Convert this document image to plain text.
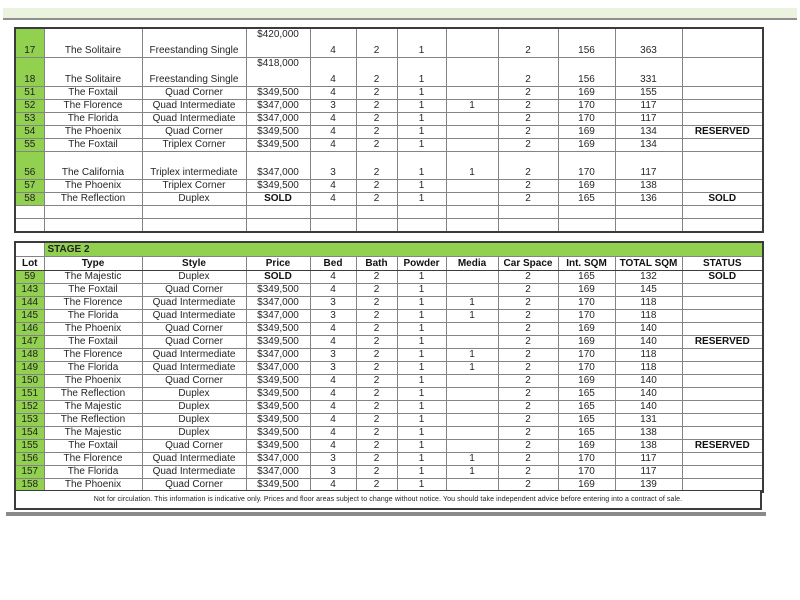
17	The Solitaire	Freestanding Single	$420,000	4	2	1		2	156	363	
18	The Solitaire	Freestanding Single	$418,000	4	2	1		2	156	331	
51	The Foxtail	Quad Corner	$349,500	4	2	1		2	169	155	
52	The Florence	Quad Intermediate	$347,000	3	2	1	1	2	170	117	
53	The Florida	Quad Intermediate	$347,000	4	2	1		2	170	117	
54	The Phoenix	Quad Corner	$349,500	4	2	1		2	169	134	RESERVED
55	The Foxtail	Triplex Corner	$349,500	4	2	1		2	169	134	
56	The California	Triplex intermediate	$347,000	3	2	1	1	2	170	117	
57	The Phoenix	Triplex Corner	$349,500	4	2	1		2	169	138	
58	The Reflection	Duplex	SOLD	4	2	1		2	165	136	SOLD

	STAGE 2										
Lot	Type	Style	Price	Bed	Bath	Powder	Media	Car Space	Int. SQM	TOTAL SQM	STATUS
59	The Majestic	Duplex	SOLD	4	2	1		2	165	132	SOLD
143	The Foxtail	Quad Corner	$349,500	4	2	1		2	169	145	
144	The Florence	Quad Intermediate	$347,000	3	2	1	1	2	170	118	
145	The Florida	Quad Intermediate	$347,000	3	2	1	1	2	170	118	
146	The Phoenix	Quad Corner	$349,500	4	2	1		2	169	140	
147	The Foxtail	Quad Corner	$349,500	4	2	1		2	169	140	RESERVED
148	The Florence	Quad Intermediate	$347,000	3	2	1	1	2	170	118	
149	The Florida	Quad Intermediate	$347,000	3	2	1	1	2	170	118	
150	The Phoenix	Quad Corner	$349,500	4	2	1		2	169	140	
151	The Reflection	Duplex	$349,500	4	2	1		2	165	140	
152	The Majestic	Duplex	$349,500	4	2	1		2	165	140	
153	The Reflection	Duplex	$349,500	4	2	1		2	165	131	
154	The Majestic	Duplex	$349,500	4	2	1		2	165	138	
155	The Foxtail	Quad Corner	$349,500	4	2	1		2	169	138	RESERVED
156	The Florence	Quad Intermediate	$347,000	3	2	1	1	2	170	117	
157	The Florida	Quad Intermediate	$347,000	3	2	1	1	2	170	117	
158	The Phoenix	Quad Corner	$349,500	4	2	1		2	169	139	
Not for circulation. This information is indicative only. Prices and floor areas subject to change without notice. You should take independent advice before entering into a contract of sale.
